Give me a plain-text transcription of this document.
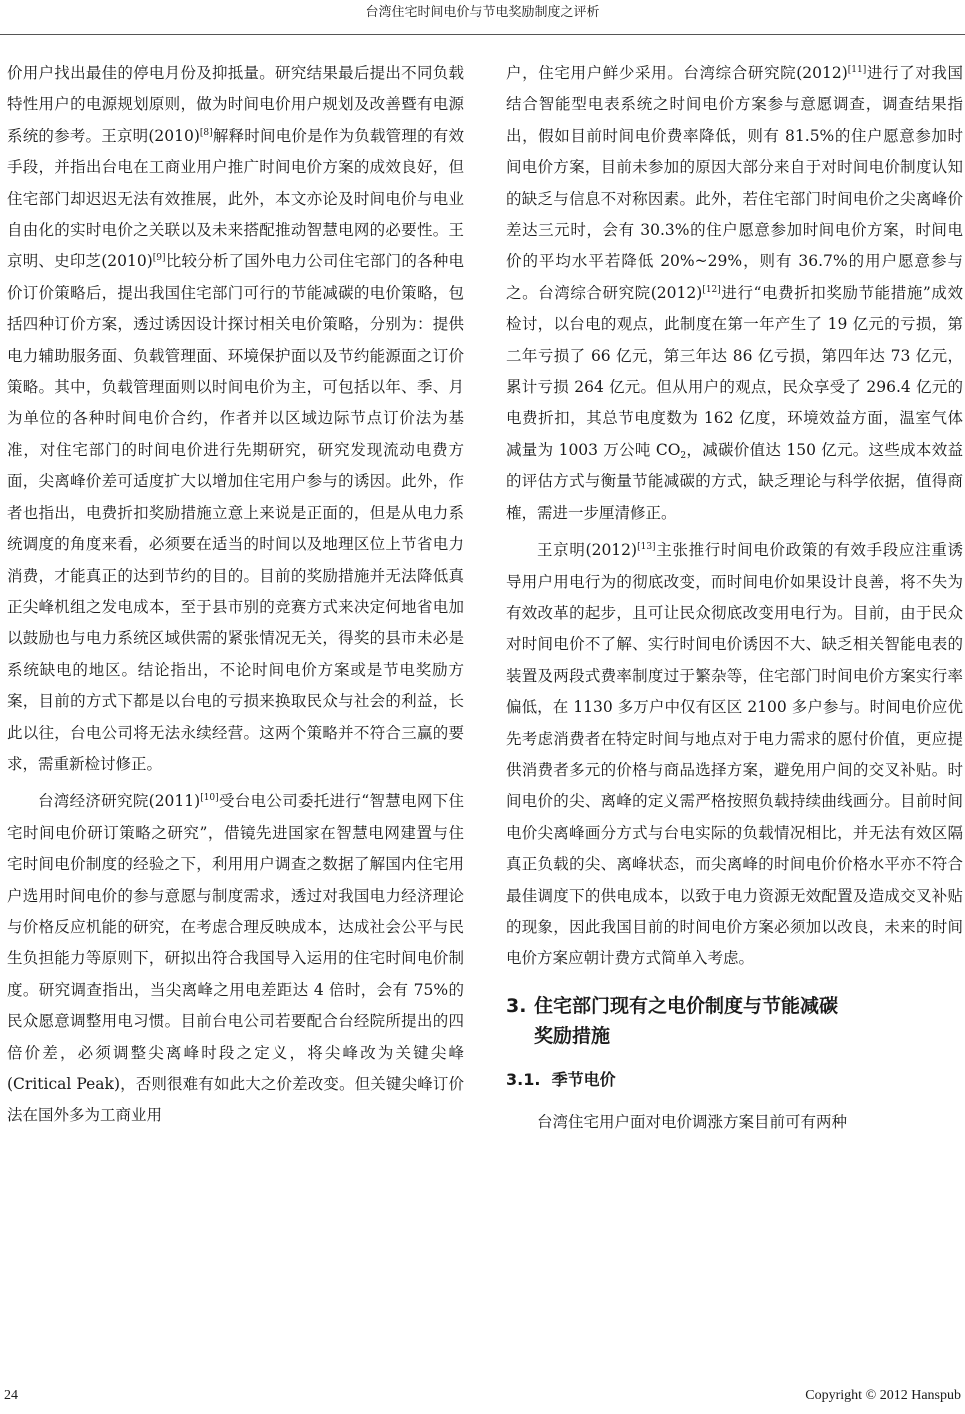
台湾住宅时间电价与节电奖励制度之评析

价用户找出最佳的停电月份及抑抵量。研究结果最后提出不同负载特性用户的电源规划原则，做为时间电价用户规划及改善暨有电源系统的参考。王京明(2010)[8]解释时间电价是作为负载管理的有效手段，并指出台电在工商业用户推广时间电价方案的成效良好，但住宅部门却迟迟无法有效推展，此外，本文亦论及时间电价与电业自由化的实时电价之关联以及未来搭配推动智慧电网的必要性。王京明、史印芝(2010)[9]比较分析了国外电力公司住宅部门的各种电价订价策略后，提出我国住宅部门可行的节能减碳的电价策略，包括四种订价方案，透过诱因设计探讨相关电价策略，分别为：提供电力辅助服务面、负载管理面、环境保护面以及节约能源面之订价策略。其中，负载管理面则以时间电价为主，可包括以年、季、月为单位的各种时间电价合约，作者并以区域边际节点订价法为基准，对住宅部门的时间电价进行先期研究，研究发现流动电费方面，尖离峰价差可适度扩大以增加住宅用户参与的诱因。此外，作者也指出，电费折扣奖励措施立意上来说是正面的，但是从电力系统调度的角度来看，必须要在适当的时间以及地理区位上节省电力消费，才能真正的达到节约的目的。目前的奖励措施并无法降低真正尖峰机组之发电成本，至于县市别的竞赛方式来决定何地省电加以鼓励也与电力系统区域供需的紧张情况无关，得奖的县市未必是系统缺电的地区。结论指出，不论时间电价方案或是节电奖励方案，目前的方式下都是以台电的亏损来换取民众与社会的利益，长此以往，台电公司将无法永续经营。这两个策略并不符合三赢的要求，需重新检讨修正。

台湾经济研究院(2011)[10]受台电公司委托进行“智慧电网下住宅时间电价研订策略之研究”，借镜先进国家在智慧电网建置与住宅时间电价制度的经验之下，利用用户调查之数据了解国内住宅用户选用时间电价的参与意愿与制度需求，透过对我国电力经济理论与价格反应机能的研究，在考虑合理反映成本，达成社会公平与民生负担能力等原则下，研拟出符合我国导入运用的住宅时间电价制度。研究调查指出，当尖离峰之用电差距达 4 倍时，会有 75%的民众愿意调整用电习惯。目前台电公司若要配合台经院所提出的四倍价差，必须调整尖离峰时段之定义，将尖峰改为关键尖峰(Critical Peak)，否则很难有如此大之价差改变。但关键尖峰订价法在国外多为工商业用

户，住宅用户鲜少采用。台湾综合研究院(2012)[11]进行了对我国结合智能型电表系统之时间电价方案参与意愿调查，调查结果指出，假如目前时间电价费率降低，则有 81.5%的住户愿意参加时间电价方案，目前未参加的原因大部分来自于对时间电价制度认知的缺乏与信息不对称因素。此外，若住宅部门时间电价之尖离峰价差达三元时，会有 30.3%的住户愿意参加时间电价方案，时间电价的平均水平若降低 20%~29%，则有 36.7%的用户愿意参与之。台湾综合研究院(2012)[12]进行“电费折扣奖励节能措施”成效检讨，以台电的观点，此制度在第一年产生了 19 亿元的亏损，第二年亏损了 66 亿元，第三年达 86 亿亏损，第四年达 73 亿元，累计亏损 264 亿元。但从用户的观点，民众享受了 296.4 亿元的电费折扣，其总节电度数为 162 亿度，环境效益方面，温室气体减量为 1003 万公吨 $CO_2$，减碳价值达 150 亿元。这些成本效益的评估方式与衡量节能减碳的方式，缺乏理论与科学依据，值得商榷，需进一步厘清修正。

王京明(2012)[13]主张推行时间电价政策的有效手段应注重诱导用户用电行为的彻底改变，而时间电价如果设计良善，将不失为有效改革的起步，且可让民众彻底改变用电行为。目前，由于民众对时间电价不了解、实行时间电价诱因不大、缺乏相关智能电表的装置及两段式费率制度过于繁杂等，住宅部门时间电价方案实行率偏低，在 1130 多万户中仅有区区 2100 多户参与。时间电价应优先考虑消费者在特定时间与地点对于电力需求的愿付价值，更应提供消费者多元的价格与商品选择方案，避免用户间的交叉补贴。时间电价的尖、离峰的定义需严格按照负载持续曲线画分。目前时间电价尖离峰画分方式与台电实际的负载情况相比，并无法有效区隔真正负载的尖、离峰状态，而尖离峰的时间电价价格水平亦不符合最佳调度下的供电成本，以致于电力资源无效配置及造成交叉补贴的现象，因此我国目前的时间电价方案必须加以改良，未来的时间电价方案应朝计费方式简单入考虑。

3. 住宅部门现有之电价制度与节能减碳
奖励措施

3.1. 季节电价

台湾住宅用户面对电价调涨方案目前可有两种

24	Copyright © 2012 Hanspub
